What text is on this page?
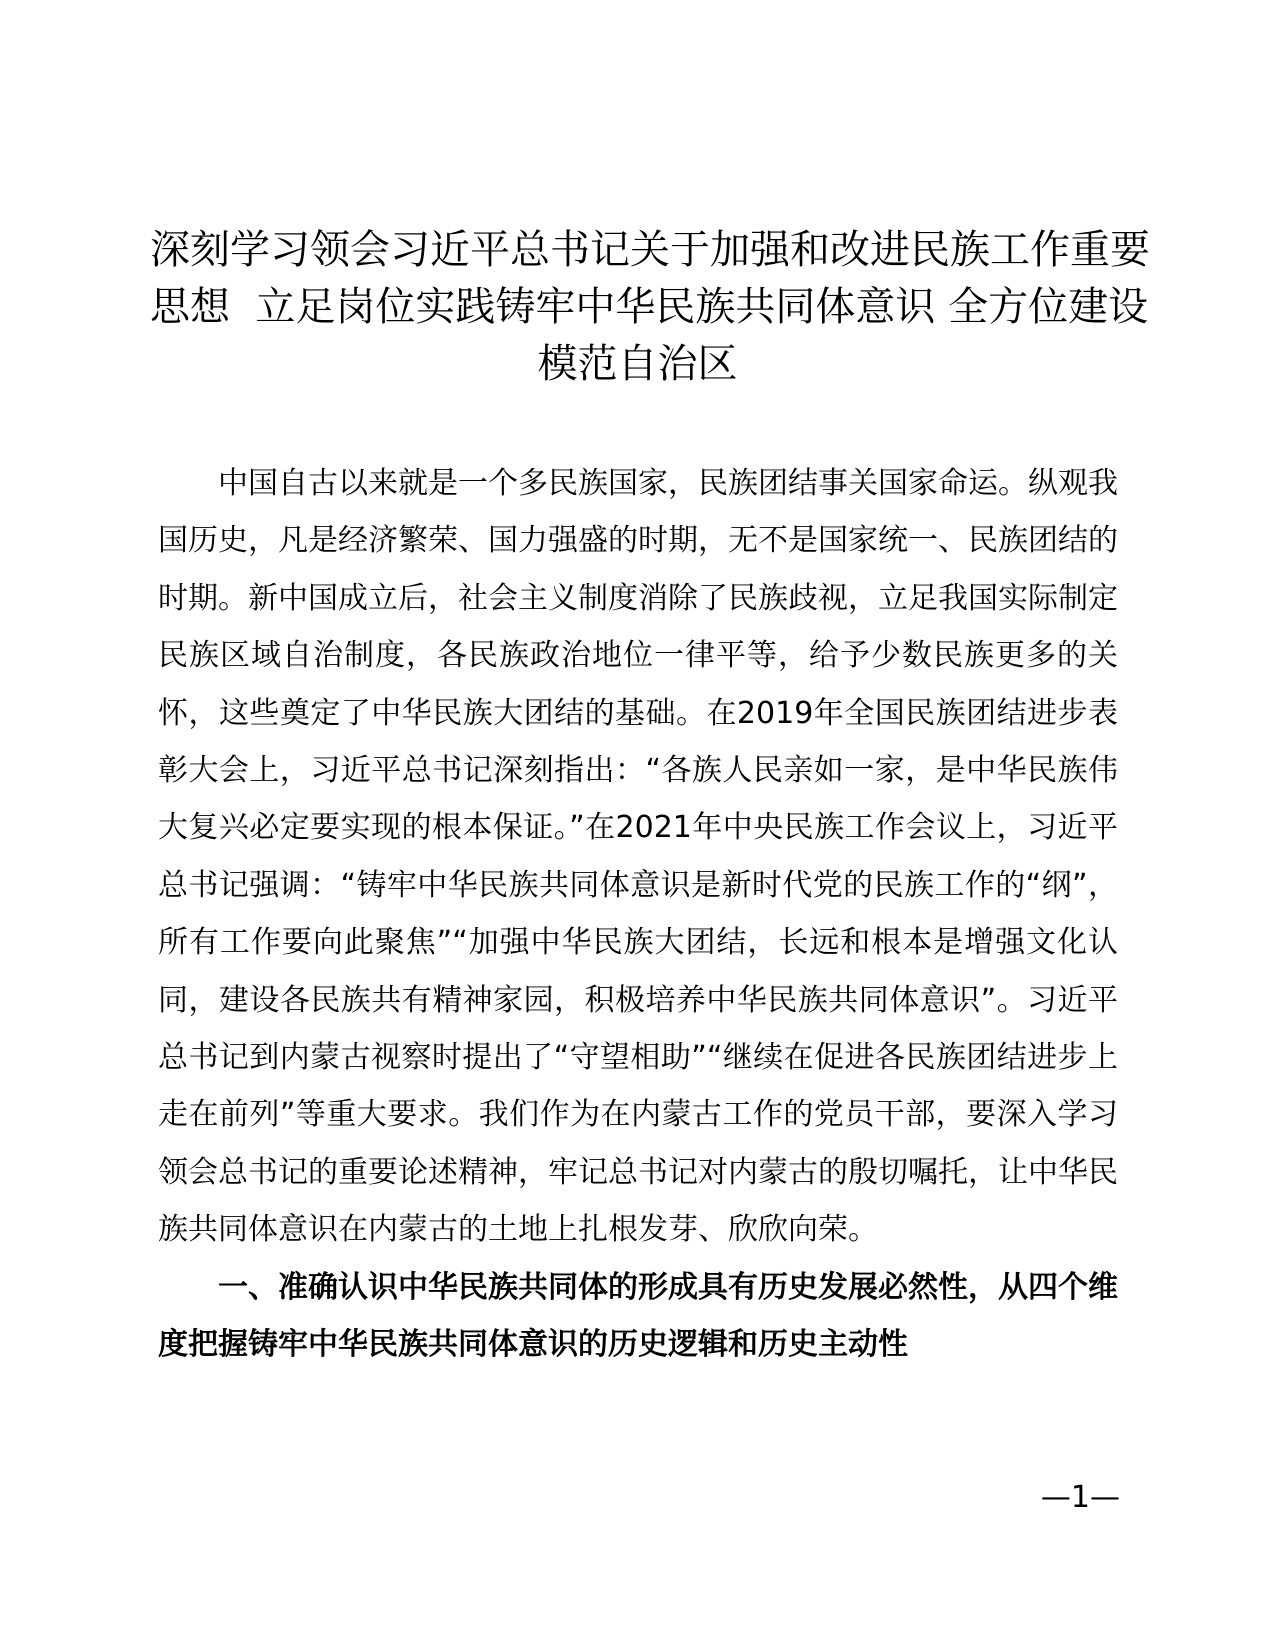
深刻学习领会习近平总书记关于加强和改进民族工作重要
思想  立足岗位实践铸牢中华民族共同体意识 全方位建设
模范自治区

中国自古以来就是一个多民族国家，民族团结事关国家命运。纵观我国历史，凡是经济繁荣、国力强盛的时期，无不是国家统一、民族团结的时期。新中国成立后，社会主义制度消除了民族歧视，立足我国实际制定民族区域自治制度，各民族政治地位一律平等，给予少数民族更多的关怀，这些奠定了中华民族大团结的基础。在2019年全国民族团结进步表彰大会上，习近平总书记深刻指出：“各族人民亲如一家，是中华民族伟大复兴必定要实现的根本保证。”在2021年中央民族工作会议上，习近平总书记强调：“铸牢中华民族共同体意识是新时代党的民族工作的“纲”，所有工作要向此聚焦”“加强中华民族大团结，长远和根本是增强文化认同，建设各民族共有精神家园，积极培养中华民族共同体意识”。习近平总书记到内蒙古视察时提出了“守望相助”“继续在促进各民族团结进步上走在前列”等重大要求。我们作为在内蒙古工作的党员干部，要深入学习领会总书记的重要论述精神，牢记总书记对内蒙古的殷切嘱托，让中华民族共同体意识在内蒙古的土地上扎根发芽、欣欣向荣。

一、准确认识中华民族共同体的形成具有历史发展必然性，从四个维度把握铸牢中华民族共同体意识的历史逻辑和历史主动性

—1—
